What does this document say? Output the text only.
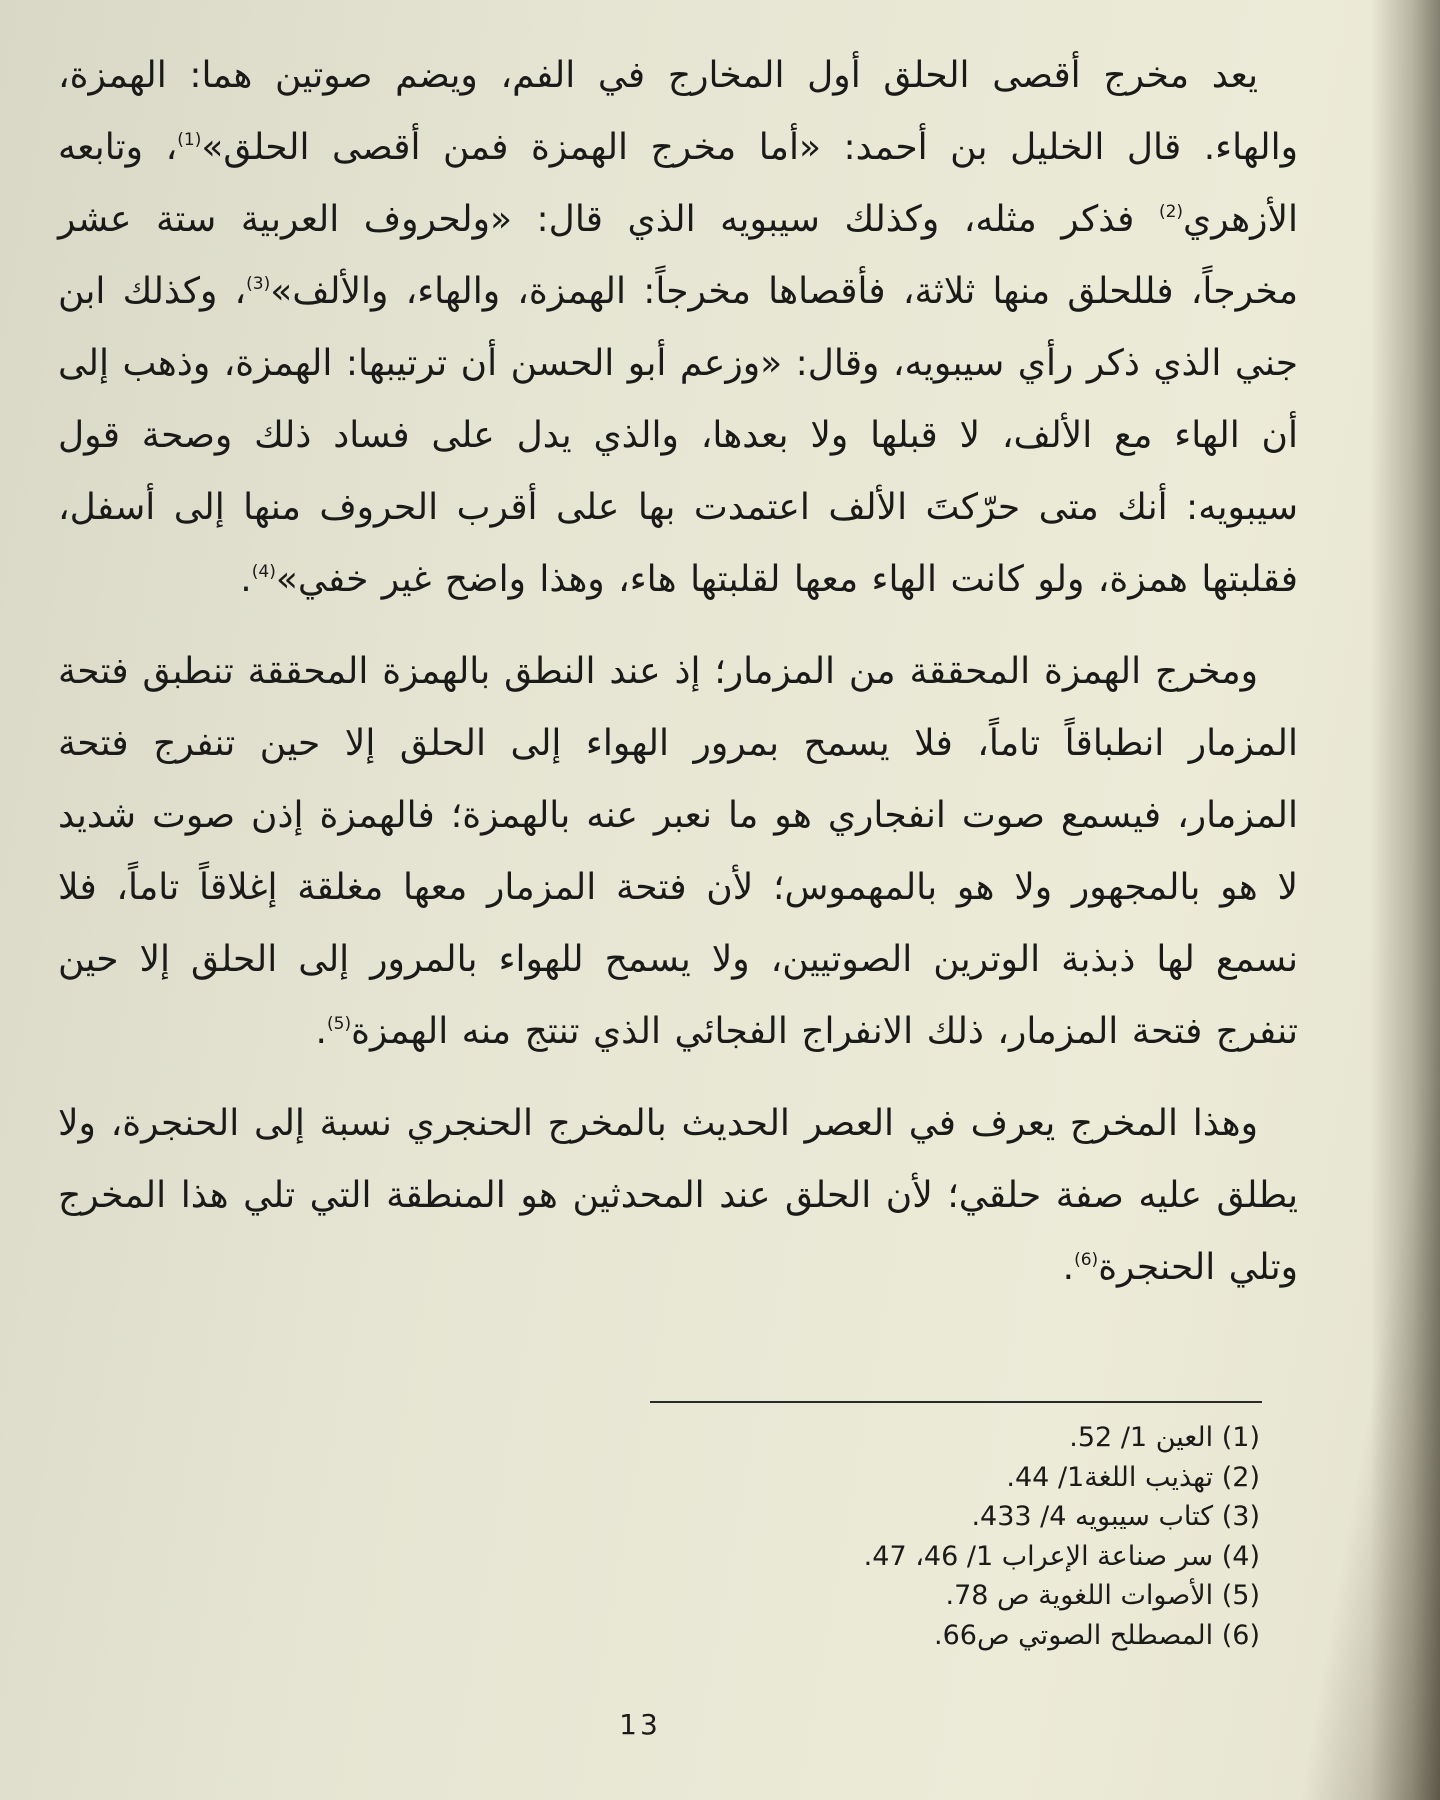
يعد مخرج أقصى الحلق أول المخارج في الفم، ويضم صوتين هما: الهمزة، والهاء. قال الخليل بن أحمد: «أما مخرج الهمزة فمن أقصى الحلق»$^{(1)}$، وتابعه الأزهري$^{(2)}$ فذكر مثله، وكذلك سيبويه الذي قال: «ولحروف العربية ستة عشر مخرجاً، فللحلق منها ثلاثة، فأقصاها مخرجاً: الهمزة، والهاء، والألف»$^{(3)}$، وكذلك ابن جني الذي ذكر رأي سيبويه، وقال: «وزعم أبو الحسن أن ترتيبها: الهمزة، وذهب إلى أن الهاء مع الألف، لا قبلها ولا بعدها، والذي يدل على فساد ذلك وصحة قول سيبويه: أنك متى حرّكتَ الألف اعتمدت بها على أقرب الحروف منها إلى أسفل، فقلبتها همزة، ولو كانت الهاء معها لقلبتها هاء، وهذا واضح غير خفي»$^{(4)}$.

ومخرج الهمزة المحققة من المزمار؛ إذ عند النطق بالهمزة المحققة تنطبق فتحة المزمار انطباقاً تاماً، فلا يسمح بمرور الهواء إلى الحلق إلا حين تنفرج فتحة المزمار، فيسمع صوت انفجاري هو ما نعبر عنه بالهمزة؛ فالهمزة إذن صوت شديد لا هو بالمجهور ولا هو بالمهموس؛ لأن فتحة المزمار معها مغلقة إغلاقاً تاماً، فلا نسمع لها ذبذبة الوترين الصوتيين، ولا يسمح للهواء بالمرور إلى الحلق إلا حين تنفرج فتحة المزمار، ذلك الانفراج الفجائي الذي تنتج منه الهمزة$^{(5)}$.

وهذا المخرج يعرف في العصر الحديث بالمخرج الحنجري نسبة إلى الحنجرة، ولا يطلق عليه صفة حلقي؛ لأن الحلق عند المحدثين هو المنطقة التي تلي هذا المخرج وتلي الحنجرة$^{(6)}$.

(1) العين 1/ 52.
(2) تهذيب اللغة1/ 44.
(3) كتاب سيبويه 4/ 433.
(4) سر صناعة الإعراب 1/ 46، 47.
(5) الأصوات اللغوية ص 78.
(6) المصطلح الصوتي ص66.
13
